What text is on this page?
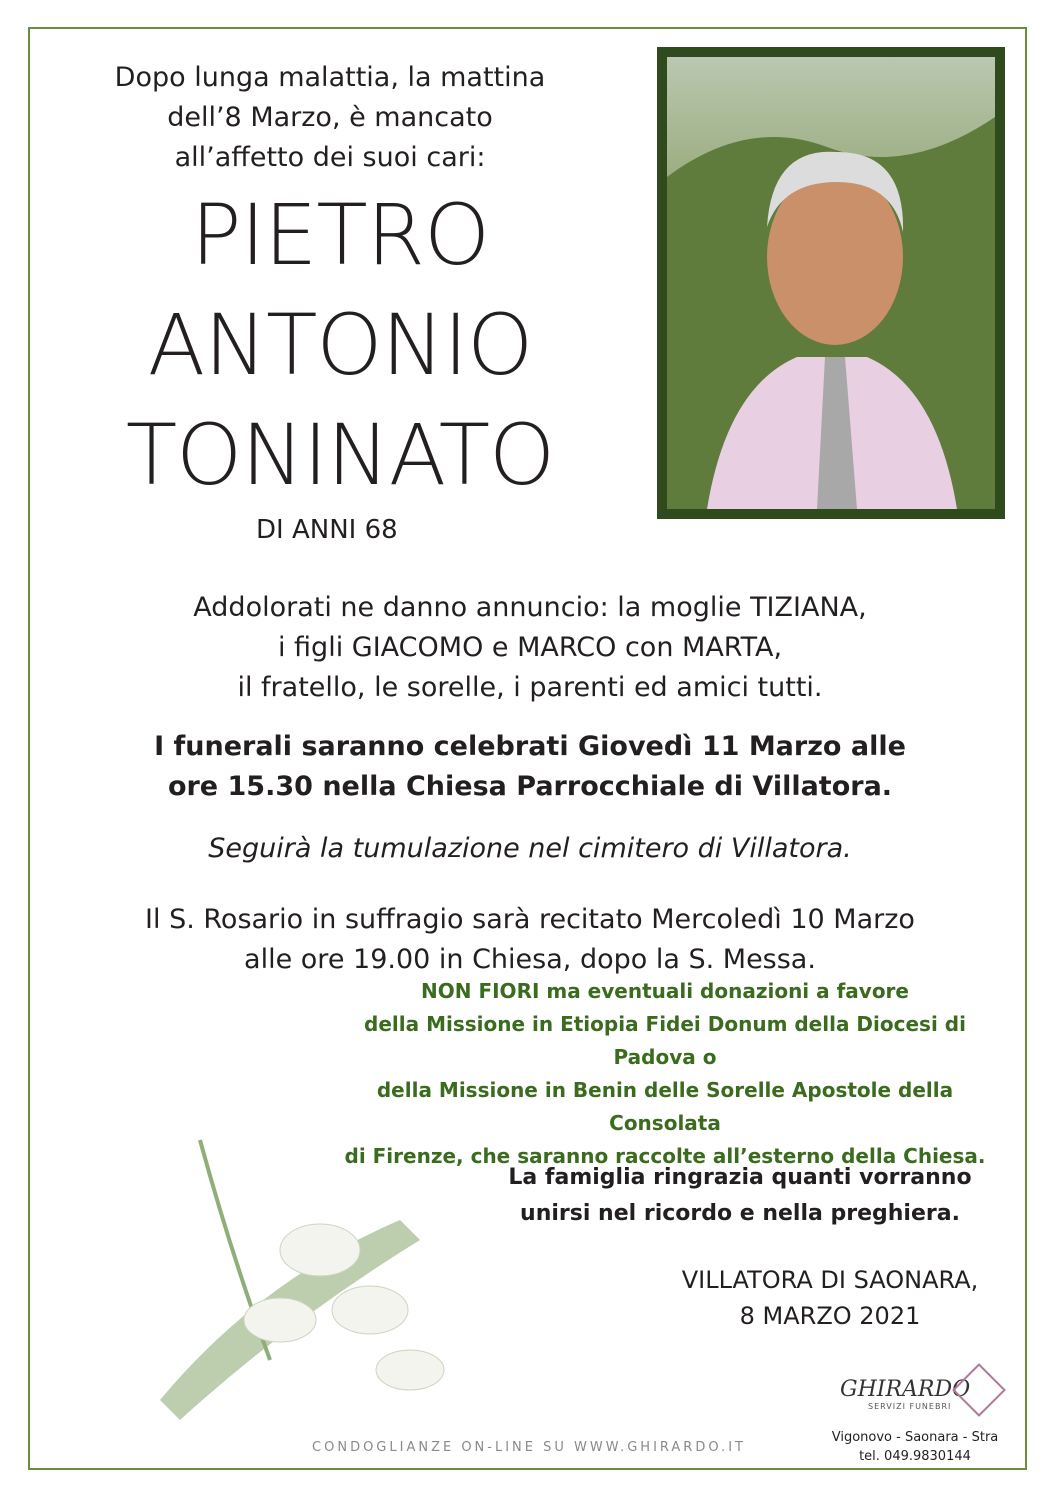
Dopo lunga malattia, la mattina
dell’8 Marzo, è mancato
all’affetto dei suoi cari:
PIETRO
ANTONIO
TONINATO
DI ANNI 68
Addolorati ne danno annuncio: la moglie TIZIANA,
i figli GIACOMO e MARCO con MARTA,
il fratello, le sorelle, i parenti ed amici tutti.
I funerali saranno celebrati Giovedì 11 Marzo alle
ore 15.30 nella Chiesa Parrocchiale di Villatora.
Seguirà la tumulazione nel cimitero di Villatora.
Il S. Rosario in suffragio sarà recitato Mercoledì 10 Marzo
alle ore 19.00 in Chiesa, dopo la S. Messa.
NON FIORI ma eventuali donazioni a favore
della Missione in Etiopia Fidei Donum della Diocesi di Padova o
della Missione in Benin delle Sorelle Apostole della Consolata
di Firenze, che saranno raccolte all’esterno della Chiesa.
La famiglia ringrazia quanti vorranno
unirsi nel ricordo e nella preghiera.
VILLATORA DI SAONARA,
8 MARZO 2021
GHIRARDO
SERVIZI FUNEBRI
Vigonovo - Saonara - Stra
tel. 049.9830144
CONDOGLIANZE ON-LINE SU WWW.GHIRARDO.IT
